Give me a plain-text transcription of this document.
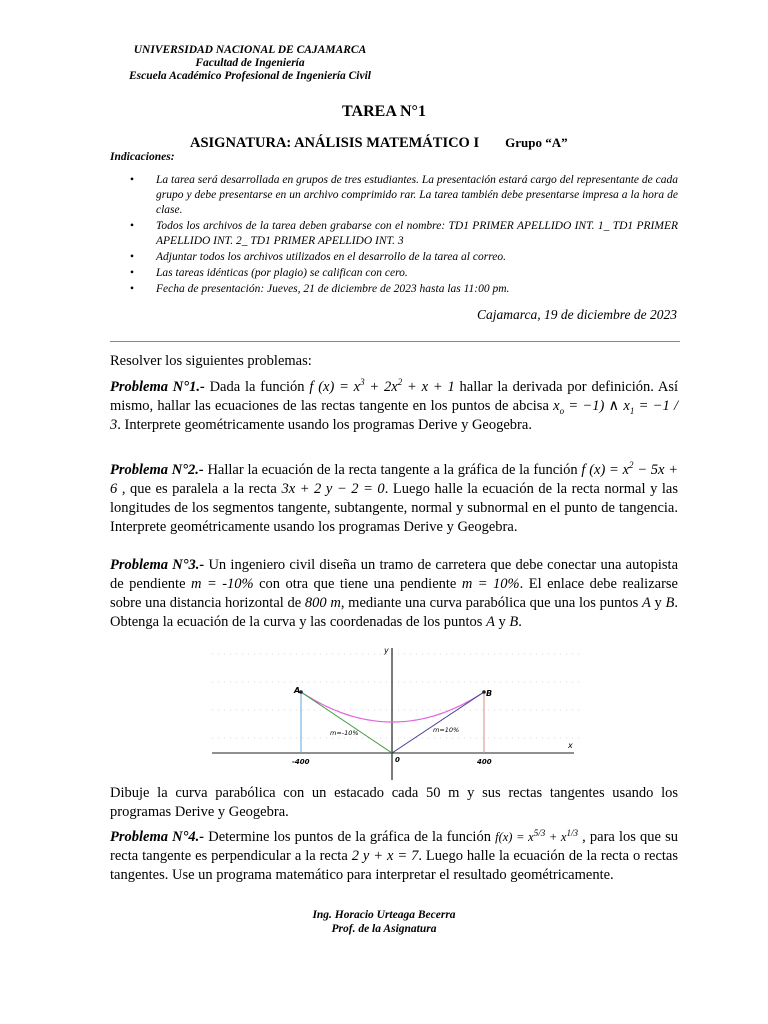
UNIVERSIDAD NACIONAL DE CAJAMARCA
Facultad de Ingeniería
Escuela Académico Profesional de Ingeniería Civil
TAREA N°1
ASIGNATURA: ANÁLISIS MATEMÁTICO I Grupo “A”
Indicaciones:
• La tarea será desarrollada en grupos de tres estudiantes. La presentación estará cargo del representante de cada grupo y debe presentarse en un archivo comprimido rar. La tarea también debe presentarse impresa a la hora de clase.
• Todos los archivos de la tarea deben grabarse con el nombre: TD1 PRIMER APELLIDO INT. 1_ TD1 PRIMER APELLIDO INT. 2_ TD1 PRIMER APELLIDO INT. 3
• Adjuntar todos los archivos utilizados en el desarrollo de la tarea al correo.
• Las tareas idénticas (por plagio) se califican con cero.
• Fecha de presentación: Jueves, 21 de diciembre de 2023 hasta las 11:00 pm.
Cajamarca, 19 de diciembre de 2023
Resolver los siguientes problemas:
Problema N°1.- Dada la función f $(x) = x^3 + 2x^2 + x + 1$ hallar la derivada por definición. Así mismo, hallar las ecuaciones de las rectas tangente en los puntos de abcisa $x_o = -1$) ∧ $x_1 = -1 / 3$. Interprete geométricamente usando los programas Derive y Geogebra.
Problema N°2.- Hallar la ecuación de la recta tangente a la gráfica de la función f $(x) = x^2 - 5x + 6$ , que es paralela a la recta 3x + 2 y − 2 = 0. Luego halle la ecuación de la recta normal y las longitudes de los segmentos tangente, subtangente, normal y subnormal en el punto de tangencia. Interprete geométricamente usando los programas Derive y Geogebra.
Problema N°3.- Un ingeniero civil diseña un tramo de carretera que debe conectar una autopista de pendiente m = -10% con otra que tiene una pendiente m = 10%. El enlace debe realizarse sobre una distancia horizontal de 800 m, mediante una curva parabólica que una los puntos A y B. Obtenga la ecuación de la curva y las coordenadas de los puntos A y B.
y
x
A	B
m=-10%	m=10%
-400	0	400
Dibuje la curva parabólica con un estacado cada 50 m y sus rectas tangentes usando los programas Derive y Geogebra.
Problema N°4.- Determine los puntos de la gráfica de la función $f(x) = x^{5/3} + x^{1/3}$ , para los que su recta tangente es perpendicular a la recta 2 y + x = 7. Luego halle la ecuación de la recta o rectas tangentes. Use un programa matemático para interpretar el resultado geométricamente.
Ing. Horacio Urteaga Becerra
Prof. de la Asignatura
